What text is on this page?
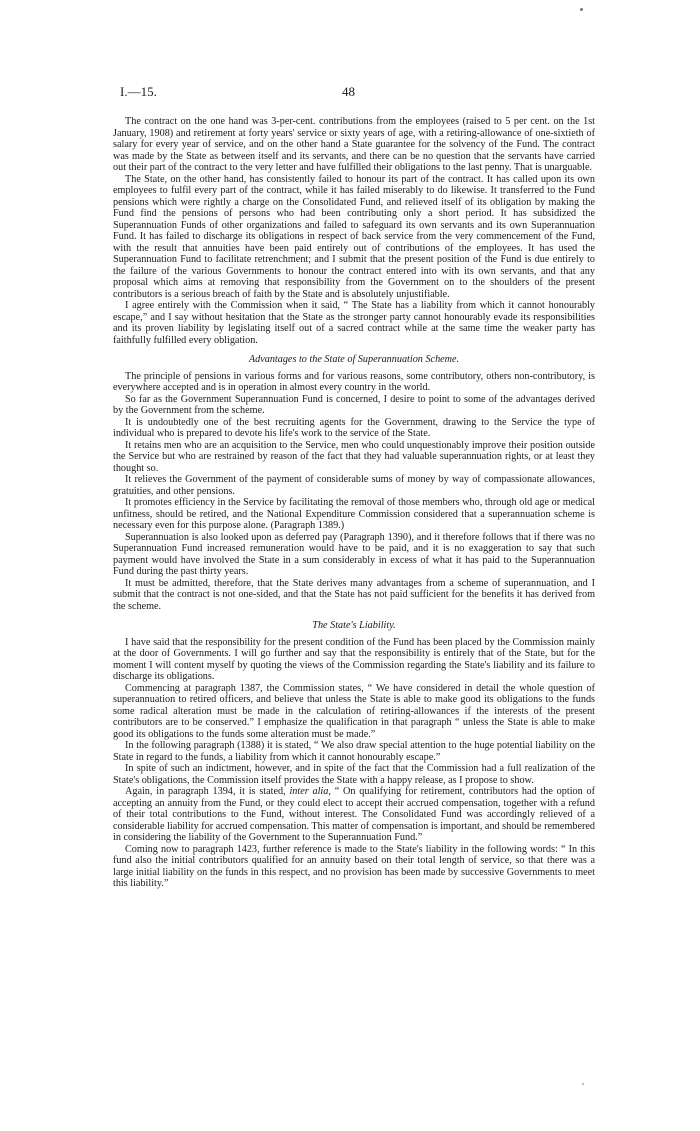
I.—15.	48

The contract on the one hand was 3-per-cent. contributions from the employees (raised to 5 per cent. on the 1st January, 1908) and retirement at forty years' service or sixty years of age, with a retiring-allowance of one-sixtieth of salary for every year of service, and on the other hand a State guarantee for the solvency of the Fund. The contract was made by the State as between itself and its servants, and there can be no question that the servants have carried out their part of the contract to the very letter and have fulfilled their obligations to the last penny. That is unarguable.

The State, on the other hand, has consistently failed to honour its part of the contract. It has called upon its own employees to fulfil every part of the contract, while it has failed miserably to do likewise. It transferred to the Fund pensions which were rightly a charge on the Consolidated Fund, and relieved itself of its obligation by making the Fund find the pensions of persons who had been contributing only a short period. It has subsidized the Superannuation Funds of other organizations and failed to safeguard its own servants and its own Superannuation Fund. It has failed to discharge its obligations in respect of back service from the very commencement of the Fund, with the result that annuities have been paid entirely out of contributions of the employees. It has used the Superannuation Fund to facilitate retrenchment; and I submit that the present position of the Fund is due entirely to the failure of the various Governments to honour the contract entered into with its own servants, and that any proposal which aims at removing that responsibility from the Government on to the shoulders of the present contributors is a serious breach of faith by the State and is absolutely unjustifiable.

I agree entirely with the Commission when it said, “ The State has a liability from which it cannot honourably escape,” and I say without hesitation that the State as the stronger party cannot honourably evade its responsibilities and its proven liability by legislating itself out of a sacred contract while at the same time the weaker party has faithfully fulfilled every obligation.

Advantages to the State of Superannuation Scheme.

The principle of pensions in various forms and for various reasons, some contributory, others non-contributory, is everywhere accepted and is in operation in almost every country in the world.

So far as the Government Superannuation Fund is concerned, I desire to point to some of the advantages derived by the Government from the scheme.

It is undoubtedly one of the best recruiting agents for the Government, drawing to the Service the type of individual who is prepared to devote his life's work to the service of the State.

It retains men who are an acquisition to the Service, men who could unquestionably improve their position outside the Service but who are restrained by reason of the fact that they had valuable superannuation rights, or at least they thought so.

It relieves the Government of the payment of considerable sums of money by way of compassionate allowances, gratuities, and other pensions.

It promotes efficiency in the Service by facilitating the removal of those members who, through old age or medical unfitness, should be retired, and the National Expenditure Commission considered that a superannuation scheme is necessary even for this purpose alone. (Paragraph 1389.)

Superannuation is also looked upon as deferred pay (Paragraph 1390), and it therefore follows that if there was no Superannuation Fund increased remuneration would have to be paid, and it is no exaggeration to say that such payment would have involved the State in a sum considerably in excess of what it has paid to the Superannuation Fund during the past thirty years.

It must be admitted, therefore, that the State derives many advantages from a scheme of superannuation, and I submit that the contract is not one-sided, and that the State has not paid sufficient for the benefits it has derived from the scheme.

The State's Liability.

I have said that the responsibility for the present condition of the Fund has been placed by the Commission mainly at the door of Governments. I will go further and say that the responsibility is entirely that of the State, but for the moment I will content myself by quoting the views of the Commission regarding the State's liability and its failure to discharge its obligations.

Commencing at paragraph 1387, the Commission states, “ We have considered in detail the whole question of superannuation to retired officers, and believe that unless the State is able to make good its obligations to the funds some radical alteration must be made in the calculation of retiring-allowances if the interests of the present contributors are to be conserved.” I emphasize the qualification in that paragraph “ unless the State is able to make good its obligations to the funds some alteration must be made.”

In the following paragraph (1388) it is stated, “ We also draw special attention to the huge potential liability on the State in regard to the funds, a liability from which it cannot honourably escape.”

In spite of such an indictment, however, and in spite of the fact that the Commission had a full realization of the State's obligations, the Commission itself provides the State with a happy release, as I propose to show.

Again, in paragraph 1394, it is stated, inter alia, “ On qualifying for retirement, contributors had the option of accepting an annuity from the Fund, or they could elect to accept their accrued compensation, together with a refund of their total contributions to the Fund, without interest. The Consolidated Fund was accordingly relieved of a considerable liability for accrued compensation. This matter of compensation is important, and should be remembered in considering the liability of the Government to the Superannuation Fund.”

Coming now to paragraph 1423, further reference is made to the State's liability in the following words: “ In this fund also the initial contributors qualified for an annuity based on their total length of service, so that there was a large initial liability on the funds in this respect, and no provision has been made by successive Governments to meet this liability.”
